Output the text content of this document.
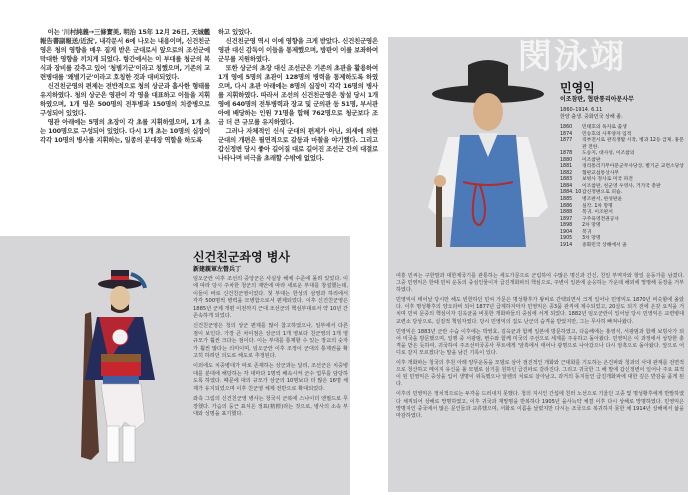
이는 '川村純義→三條實美, 明治 15年 12月 26日, 天城艦報告書副報送/近況', 내각문서 6에 나오는 내용이며, 신건친군영은 청의 영향을 매우 짙게 받은 군대로서 앞으로의 조선군에 막대한 영향을 끼치게 되었다. 항간에서는 이 부대를 청군의 복식과 장비를 갖추고 있어 '청별기군'이라고 칭했으며, 기존의 교련병대를 '왜별기군'이라고 호칭한 것과 대비되었다.

신건친군영의 편제는 전반적으로 청의 상군과 흡사한 형태를 유지하였다. 청의 상군은 영관이 각 영을 대표하고 이들을 지휘하였으며, 1개 영은 500명의 전투병과 150명의 치중병으로 구성되어 있었다.

영관 아래에는 5명의 초장이 각 초를 지휘하였으며, 1개 초는 100명으로 구성되어 있었다. 다시 1개 초는 10명의 십장이 각각 10명의 병사를 지휘하는, 일종의 분대장 역할을 하도록

하고 있었다.

신건친군영 역시 이에 영향을 크게 받았다. 신건친군영은 영관 대신 감독이 이들을 통제했으며, 방판이 이를 보좌하여 군무를 지원하였다.

또한 상군의 초장 대신 조선군은 기존의 초관을 활용하여 1개 영에 5명의 초관이 128명의 병력을 통제하도록 하였으며, 다시 초관 아래에는 8명의 십장이 각각 16명의 병사를 지휘하였다. 따라서 조선의 신건친군영은 창설 당시 1개 영에 640명의 전투병력과 장교 및 군의관 등 51명, 부서관아에 배당하는 인원 71명을 합해 762명으로 청군보다 조금 더 큰 규모를 유지하였다.

그러나 자체적인 신식 군대의 편제가 아닌, 외세에 의한 군대의 개편은 필연적으로 갈등과 마찰을 야기했다. 그리고 갑신정변 당시 좋아 길어질 대로 길어진 조선군 간의 대결로 나타나며 비극을 초래할 수밖에 없었다.

신건친군좌영 병사
新建親軍左營兵丁

임오군란 이후 조선의 중앙군은 사실상 해체 수준에 몰려 있었다. 이에 따라 당시 주차한 청군의 제안에 따라 새로운 부대를 창설했는데, 이들이 바로 신건친군영이었다. 첫 부대는 한성의 삼영과 하리에서 각각 500명씩 병력을 모병함으로서 편제되었다. 이후 신건친군영은 1885년 군제 개편 이전까지 근대 조선군의 핵심부대로서 약 10년 간 존속하게 되었다.

신건친군영은 청의 상군 편제를 많이 참고하였으나, 일부에서 다른 점이 보인다. 가장 큰 차이점은 상군의 1개 영보다 친군영의 1개 영 규모가 훨씬 크다는 점이다. 이는 부대를 통제할 수 있는 장교의 숫자가 훨씬 많다는 의미이며, 임오군란 이후 조정이 군대의 통제권을 확고히 하려던 의도로 해도로 추정된다.

이외에도 치중병대가 따로 존재하는 상군과는 달리, 조선군은 치중병대를 분대에 해당하는 각 대마다 1명씩 배속시켜 군수 업무를 담당하도록 하였다. 때문에 대의 규모가 상군의 10명보다 더 많은 16명 체제가 유지되었으며 이후 친군영 체제 전반으로 확대되었다.

좌측 그림의 신건친군영 병사는 청국식 군복에 스나이더 엔필드로 무장했다. 가슴의 둥근 표식은 정표(精標)라는 것으로, 병사의 소속 부대와 성명을 표기했다.

閔泳翊
민영익
이조참판, 협판통리아문사무
1860–1914. 6.11
한양 출생. 중화민국 상해 졸.
1860	민태호의 독자로 출생
1874	민승호의 사후양자 입적
1877	직부전시로 관직생활 시작, 병과 12등 급제. 홍문관 전한.
1878	도승지, 대사성, 이조참의
1880	이조참판
1881	경리통리기무아문군무사당상, 별기군 교련소당상
1882	협판교섭통상사무
1883	보빙사 정사로 미국 파견
1884	이조참판, 친군영 우영사, 거가국 총판
1884. 10 갑신정변으로 피습.
1885	병조판서, 한성판윤
1886	실각. 1차 망명
1888	복귀. 이조판서
1897	구주육영전권공사
1898	2차 망명
1904	복귀
1905	3차 망명
1914	중화민국 상해에서 졸

여흥 민씨는 구한말과 대한제국기를 관통하는 세도가문으로 군림하여 수많은 명신과 간신, 친일 부역자와 항일 운동가를 남겼다. 그중 민영익은 한때 민씨 운동의 중심인물이자 급진개화파의 핵심으로, 주변이 일본에 순응하는 가운데 해외에 망명해 등장을 거부하였다.

민영익이 태어날 당시만 해도 빈한하던 민씨 가문은 명성황후가 왕비로 간택되면서 크게 일어나 민영익도 1870년 비슷할에 올랐다. 이후 명성황후의 양오라비 되어 1877년 급제하자마자 민영익은 종3품 관직에 제수되었고, 20살도 되기 전에 온갖 요직을 거치며 민씨 문중의 핵심이자 김옥균을 비롯한 개화파들의 중심에 서게 되었다. 1882년 임오군란이 일어날 당시 민영익은 교련병대 교련소 당상으로, 실질적 책임자였다. 당시 민영익의 집도 난군의 습격을 받았지만, 그는 무사히 빠져나왔다.

민영익은 1883년 군란 수습 이후에는 박영효, 김옥균과 함께 일본에 방문하였고, 다음해에는 홍영식, 서광범과 함께 보빙사가 되어 미국을 방문했으며, 일행 중 서광범, 변수와 함께 미국의 주선으로 세계를 주유하고 돌아왔다. 민영익은 이 과정에서 상당한 충격을 받은 듯하여, 귀국하여 주조선미국공사 푸트에게 '암흑에서 태어나 광명으로 나아갔으나 다시 암흑으로 돌아왔다. 앞으로 어디로 갈지 모르겠다'는 말을 남긴 기록이 있다.

이후 개화파는 청국의 후원 아래 양무운동을 모델로 삼아 점진적인 개화와 근대화를 기도하는 온건파와 청과의 사대 관계를 전면적으로 청산하고 메이지 유신을 롤 모델로 삼기를 원하던 급진파로 갈라진다. 그리고 귀국한 그 해 말에 갑신정변이 일어나 주요 표적이 된 민영익은 중상을 입어 생명이 위독했으나 알렌의 치료로 살아남고, 과거의 동지들인 급진개화파에 대한 깊은 반감을 품게 된다.

이후의 민영익은 정치적으로는 두각을 드러내지 못했다. 청의 지시인 간섭에 친러 노선으로 기울던 고종 및 명성황후에게 반발하였다 체직되어 상해로 망명하였고, 이후 귀국과 재망명을 반복하다 1905년 을사늑약 체결 이후 다시 상해로 망명하였다. 민영익은 망명지인 중국에서 많은 문인들과 교류했으며, 서화로 이름을 날렸지만 다시는 조국으로 복귀하지 못한 채 1914년 상해에서 삶을 마감하였다.
